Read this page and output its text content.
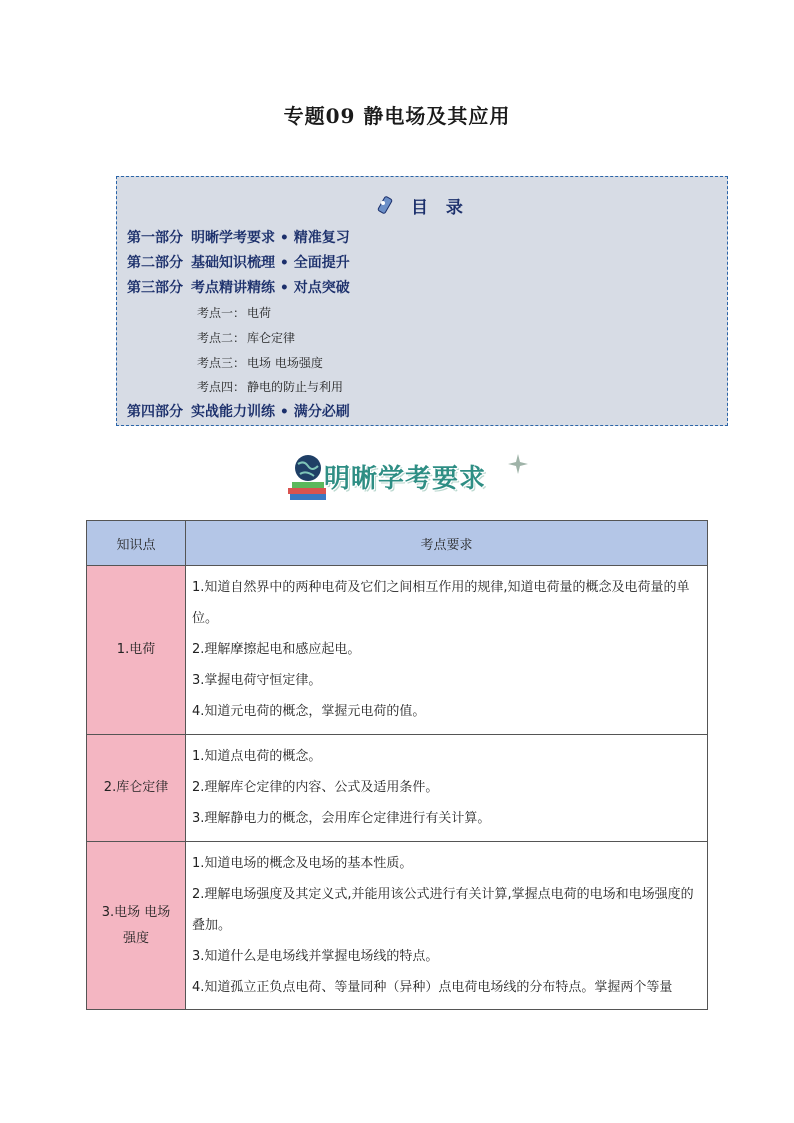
专题09 静电场及其应用
目 录
第一部分 明晰学考要求 • 精准复习
第二部分 基础知识梳理 • 全面提升
第三部分 考点精讲精练 • 对点突破
考点一： 电荷
考点二： 库仑定律
考点三： 电场 电场强度
考点四： 静电的防止与利用
第四部分 实战能力训练 • 满分必刷
明晰学考要求
知识点	考点要求
1.电荷	1.知道自然界中的两种电荷及它们之间相互作用的规律,知道电荷量的概念及电荷量的单位。

2.理解摩擦起电和感应起电。

3.掌握电荷守恒定律。

4.知道元电荷的概念，掌握元电荷的值。

2.库仑定律	1.知道点电荷的概念。

2.理解库仑定律的内容、公式及适用条件。

3.理解静电力的概念，会用库仑定律进行有关计算。

3.电场 电场强度	1.知道电场的概念及电场的基本性质。

2.理解电场强度及其定义式,并能用该公式进行有关计算,掌握点电荷的电场和电场强度的叠加。

3.知道什么是电场线并掌握电场线的特点。

4.知道孤立正负点电荷、等量同种（异种）点电荷电场线的分布特点。掌握两个等量
